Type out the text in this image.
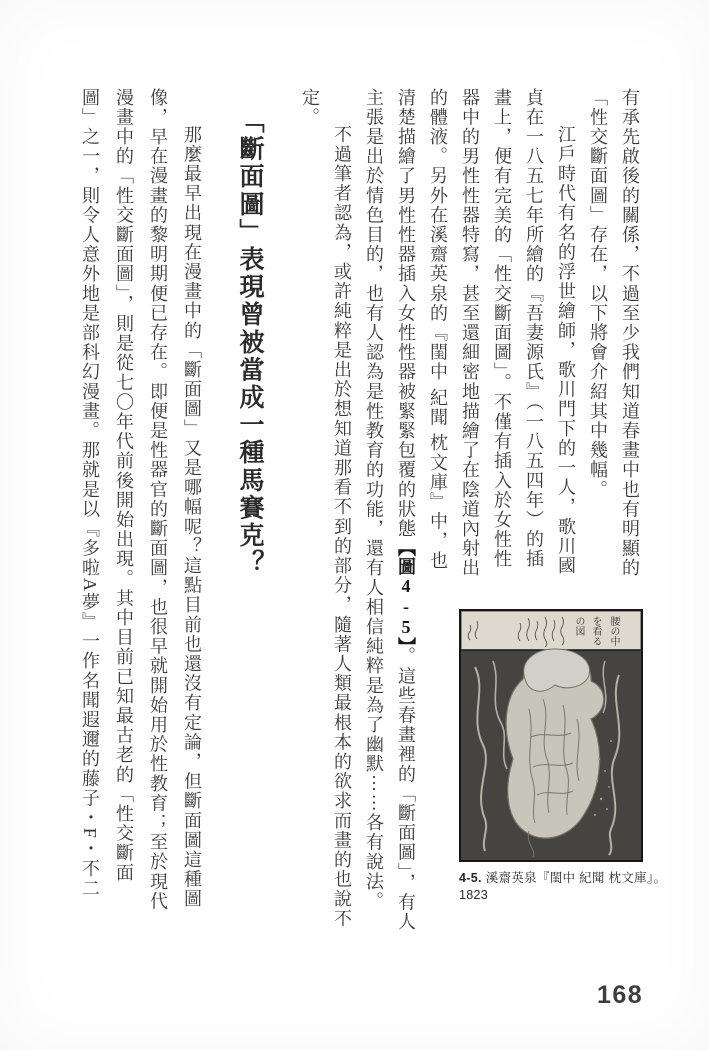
有承先啟後的關係，不過至少我們知道春畫中也有明顯的
「性交斷面圖」存在，以下將會介紹其中幾幅。
江戶時代有名的浮世繪師，歌川門下的一人，歌川國
貞在一八五七年所繪的『吾妻源氏』（一八五四年）的插
畫上，便有完美的「性交斷面圖」。不僅有插入於女性性
器中的男性性器特寫，甚至還細密地描繪了在陰道內射出
的體液。另外在溪齋英泉的『閨中 紀聞 枕文庫』中，也
清楚描繪了男性性器插入女性性器被緊緊包覆的狀態【圖4-5】。這些春畫裡的「斷面圖」，有人
主張是出於情色目的，也有人認為是性教育的功能，還有人相信純粹是為了幽默⋯⋯各有說法。
不過筆者認為，或許純粹是出於想知道那看不到的部分，隨著人類最根本的欲求而畫的也說不
定。
「斷面圖」表現曾被當成一種馬賽克？
那麼最早出現在漫畫中的「斷面圖」又是哪幅呢？這點目前也還沒有定論，但斷面圖這種圖
像，早在漫畫的黎明期便已存在。即便是性器官的斷面圖，也很早就開始用於性教育；至於現代
漫畫中的「性交斷面圖」，則是從七〇年代前後開始出現。其中目前已知最古老的「性交斷面
圖」之一，則令人意外地是部科幻漫畫。那就是以『多啦A夢』一作名聞遐邇的藤子・F・不二	腰の中
を看る
の図
4-5. 溪齋英泉『閨中 紀聞 枕文庫』。
1823
168
